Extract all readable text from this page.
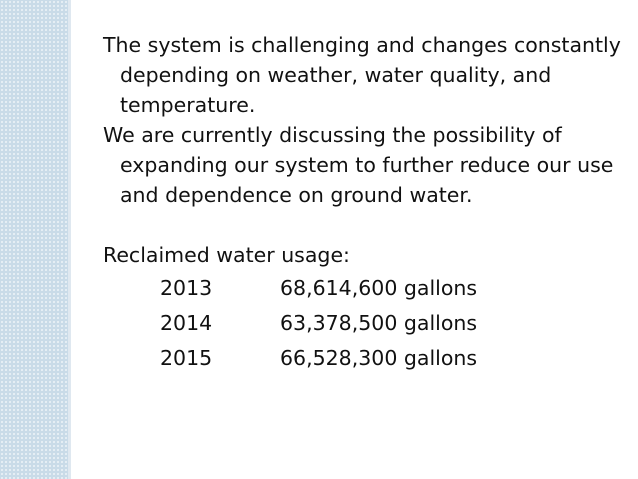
The system is challenging and changes constantly depending on weather, water quality, and temperature.

We are currently discussing the possibility of expanding our system to further reduce our use and dependence on ground water.

Reclaimed water usage:

2013	68,614,600 gallons
2014	63,378,500 gallons
2015	66,528,300 gallons
